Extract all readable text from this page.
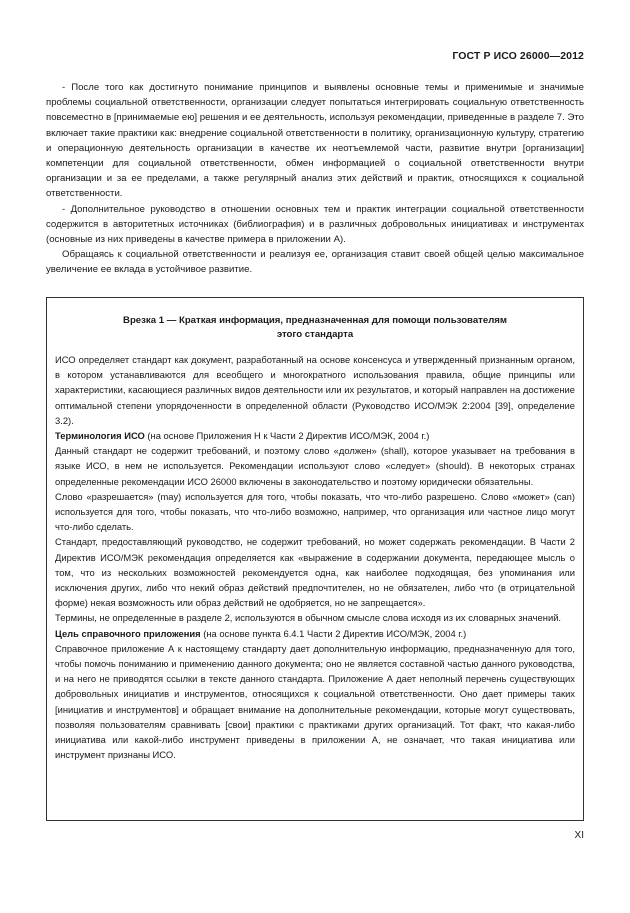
ГОСТ Р ИСО 26000—2012

- После того как достигнуто понимание принципов и выявлены основные темы и применимые и значимые проблемы социальной ответственности, организации следует попытаться интегрировать социальную ответственность повсеместно в [принимаемые ею] решения и ее деятельность, используя рекомендации, приведенные в разделе 7. Это включает такие практики как: внедрение социальной ответственности в политику, организационную культуру, стратегию и операционную деятельность организации в качестве их неотъемлемой части, развитие внутри [организации] компетенции для социальной ответственности, обмен информацией о социальной ответственности внутри организации и за ее пределами, а также регулярный анализ этих действий и практик, относящихся к социальной ответственности.

- Дополнительное руководство в отношении основных тем и практик интеграции социальной ответственности содержится в авторитетных источниках (библиография) и в различных добровольных инициативах и инструментах (основные из них приведены в качестве примера в приложении А).

Обращаясь к социальной ответственности и реализуя ее, организация ставит своей общей целью максимальное увеличение ее вклада в устойчивое развитие.

Врезка 1 — Краткая информация, предназначенная для помощи пользователям этого стандарта

ИСО определяет стандарт как документ, разработанный на основе консенсуса и утвержденный признанным органом, в котором устанавливаются для всеобщего и многократного использования правила, общие принципы или характеристики, касающиеся различных видов деятельности или их результатов, и который направлен на достижение оптимальной степени упорядоченности в определенной области (Руководство ИСО/МЭК 2:2004 [39], определение 3.2).

Терминология ИСО (на основе Приложения Н к Части 2 Директив ИСО/МЭК, 2004 г.)

Данный стандарт не содержит требований, и поэтому слово «должен» (shall), которое указывает на требования в языке ИСО, в нем не используется. Рекомендации используют слово «следует» (should). В некоторых странах определенные рекомендации ИСО 26000 включены в законодательство и поэтому юридически обязательны.

Слово «разрешается» (may) используется для того, чтобы показать, что что-либо разрешено. Слово «может» (can) используется для того, чтобы показать, что что-либо возможно, например, что организация или частное лицо могут что-либо сделать.

Стандарт, предоставляющий руководство, не содержит требований, но может содержать рекомендации. В Части 2 Директив ИСО/МЭК рекомендация определяется как «выражение в содержании документа, передающее мысль о том, что из нескольких возможностей рекомендуется одна, как наиболее подходящая, без упоминания или исключения других, либо что некий образ действий предпочтителен, но не обязателен, либо что (в отрицательной форме) некая возможность или образ действий не одобряется, но не запрещается».

Термины, не определенные в разделе 2, используются в обычном смысле слова исходя из их словарных значений.

Цель справочного приложения (на основе пункта 6.4.1 Части 2 Директив ИСО/МЭК, 2004 г.)

Справочное приложение А к настоящему стандарту дает дополнительную информацию, предназначенную для того, чтобы помочь пониманию и применению данного документа; оно не является составной частью данного руководства, и на него не приводятся ссылки в тексте данного стандарта. Приложение А дает неполный перечень существующих добровольных инициатив и инструментов, относящихся к социальной ответственности. Оно дает примеры таких [инициатив и инструментов] и обращает внимание на дополнительные рекомендации, которые могут существовать, позволяя пользователям сравнивать [свои] практики с практиками других организаций. Тот факт, что какая-либо инициатива или какой-либо инструмент приведены в приложении А, не означает, что такая инициатива или инструмент признаны ИСО.

XI
